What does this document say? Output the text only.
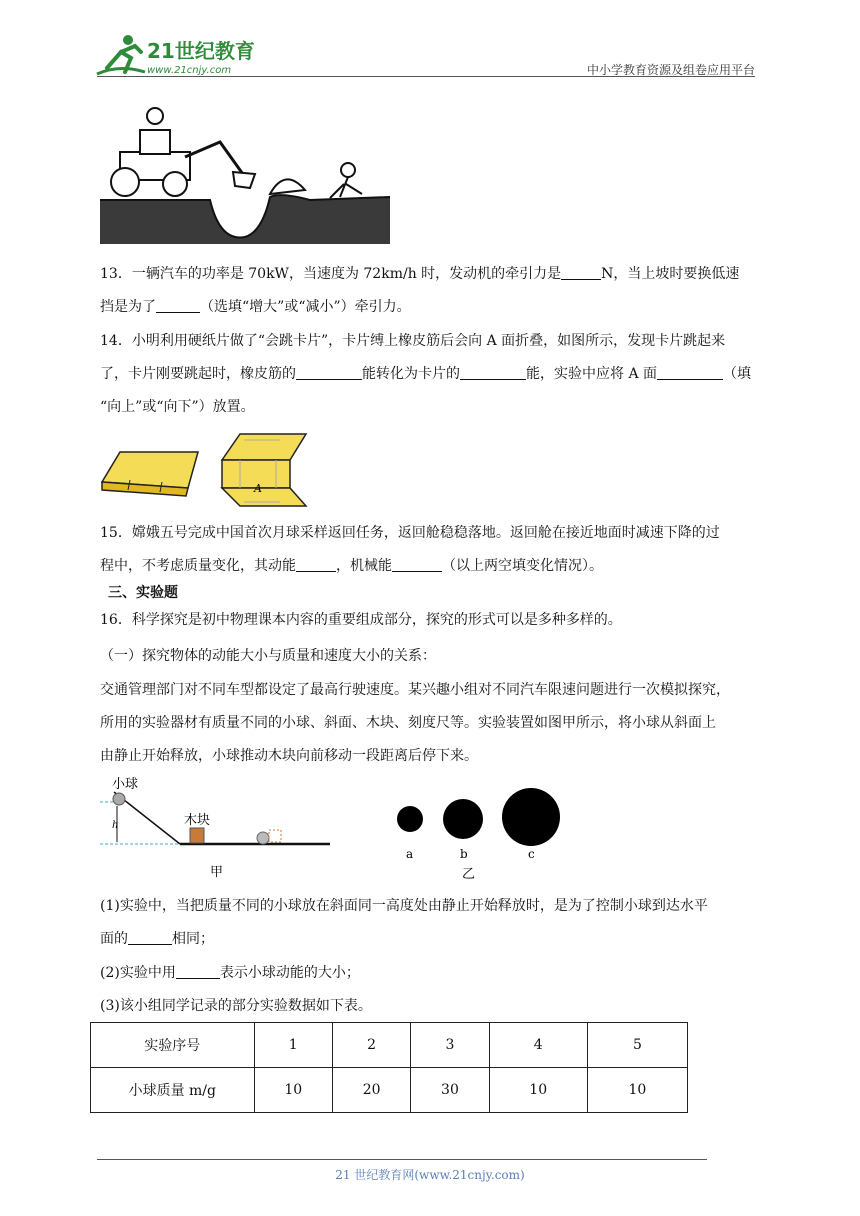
21世纪教育
www.21cnjy.com	中小学教育资源及组卷应用平台
13．一辆汽车的功率是 70kW，当速度为 72km/h 时，发动机的牵引力是	N，当上坡时要换低速
挡是为了	（选填“增大”或“减小”）牵引力。
14．小明利用硬纸片做了“会跳卡片”，卡片缚上橡皮筋后会向 A 面折叠，如图所示，发现卡片跳起来
了，卡片刚要跳起时，橡皮筋的	能转化为卡片的	能，实验中应将 A 面	（填
“向上”或“向下”）放置。
A
15．嫦娥五号完成中国首次月球采样返回任务，返回舱稳稳落地。返回舱在接近地面时减速下降的过
程中，不考虑质量变化，其动能	，机械能	（以上两空填变化情况）。
三、实验题
16．科学探究是初中物理课本内容的重要组成部分，探究的形式可以是多种多样的。
（一）探究物体的动能大小与质量和速度大小的关系：
交通管理部门对不同车型都设定了最高行驶速度。某兴趣小组对不同汽车限速问题进行一次模拟探究，
所用的实验器材有质量不同的小球、斜面、木块、刻度尺等。实验装置如图甲所示，将小球从斜面上
由静止开始释放，小球推动木块向前移动一段距离后停下来。
小球
h	木块
甲
a	b	c
乙
(1)实验中，当把质量不同的小球放在斜面同一高度处由静止开始释放时，是为了控制小球到达水平
面的	相同；
(2)实验中用	表示小球动能的大小；
(3)该小组同学记录的部分实验数据如下表。
实验序号	1	2	3	4	5
小球质量 m/g	10	20	30	10	10
21 世纪教育网(www.21cnjy.com)
